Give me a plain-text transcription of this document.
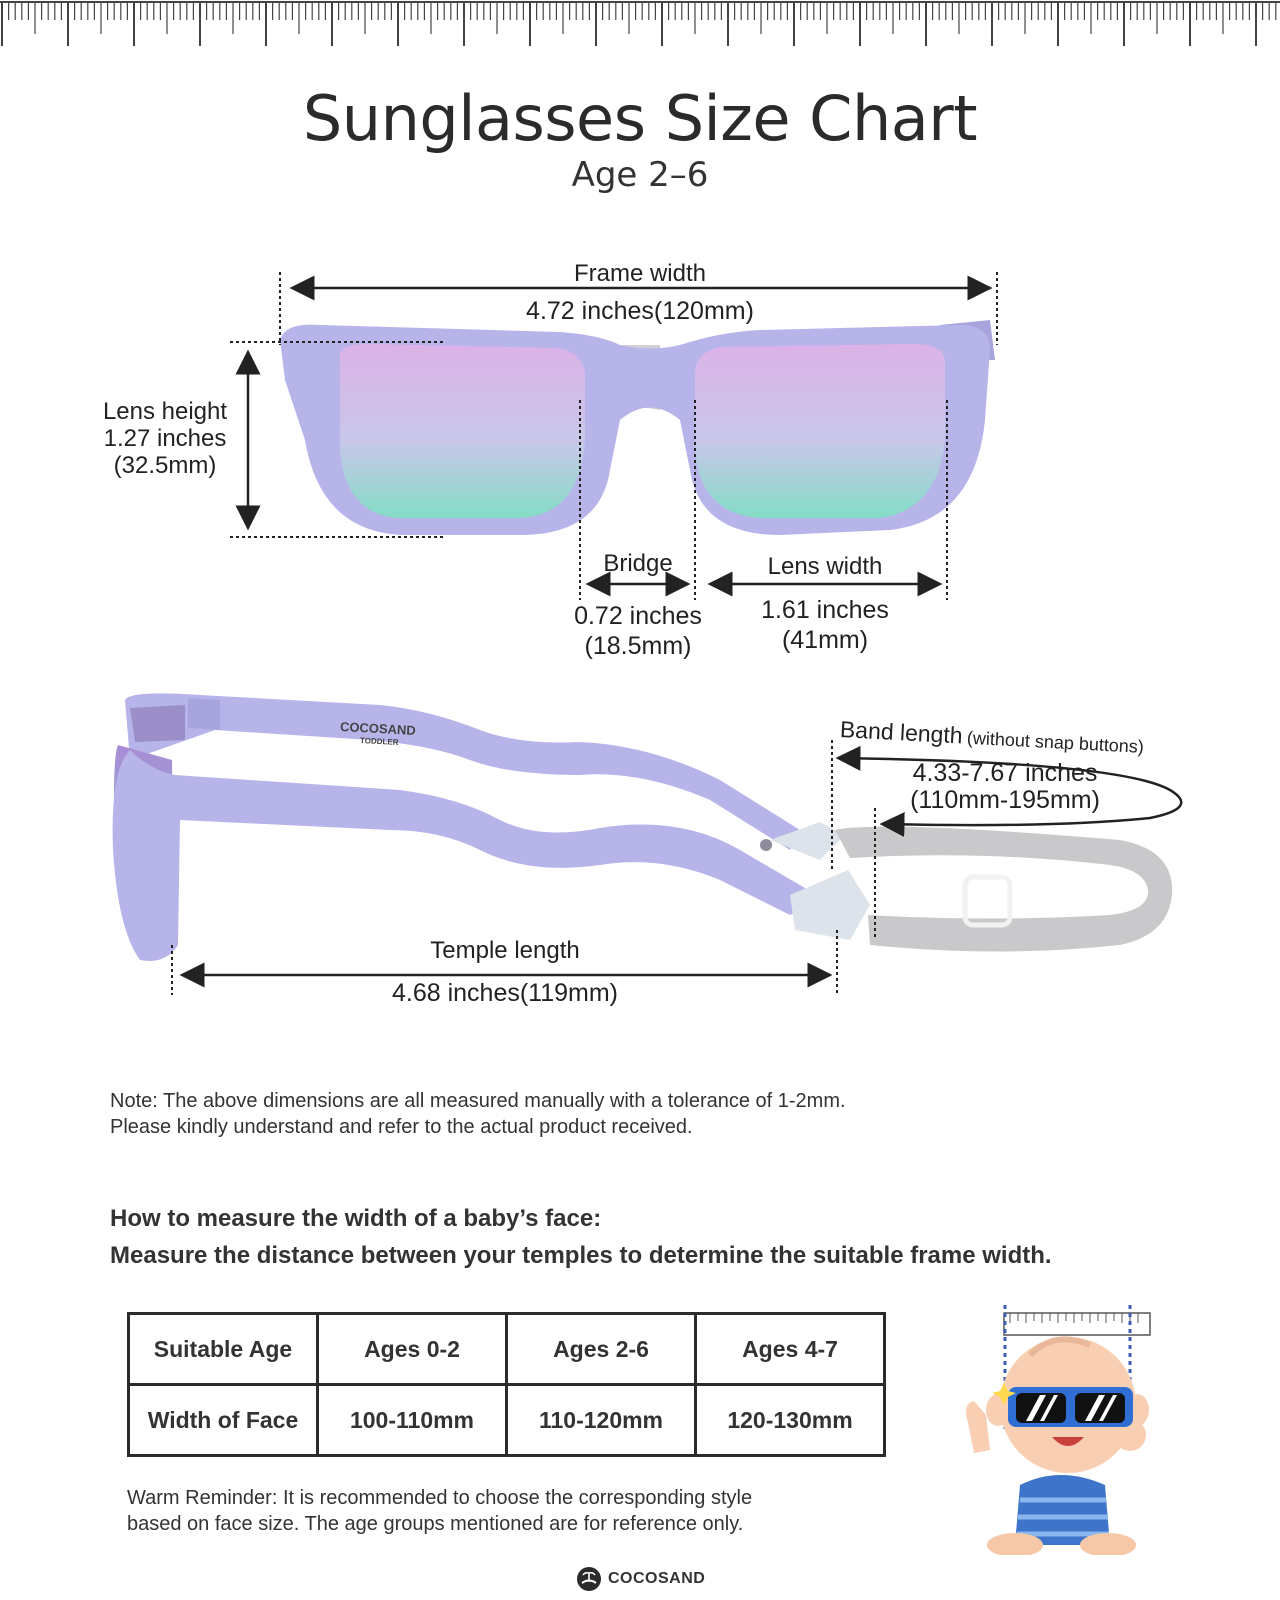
Sunglasses Size Chart
Age 2–6
Frame width
4.72 inches(120mm)
Lens height
1.27 inches
(32.5mm)
Bridge
0.72 inches
(18.5mm)
Lens width
1.61 inches
(41mm)
COCOSAND
TODDLER
Temple length
4.68 inches(119mm)
Band length (without snap buttons)
4.33-7.67 inches
(110mm-195mm)
Note: The above dimensions are all measured manually with a tolerance of 1-2mm.
Please kindly understand and refer to the actual product received.
How to measure the width of a baby’s face:
Measure the distance between your temples to determine the suitable frame width.
Suitable Age	Ages 0-2	Ages 2-6	Ages 4-7
Width of Face	100-110mm	110-120mm	120-130mm
Warm Reminder: It is recommended to choose the corresponding style
based on face size. The age groups mentioned are for reference only.
COCOSAND
